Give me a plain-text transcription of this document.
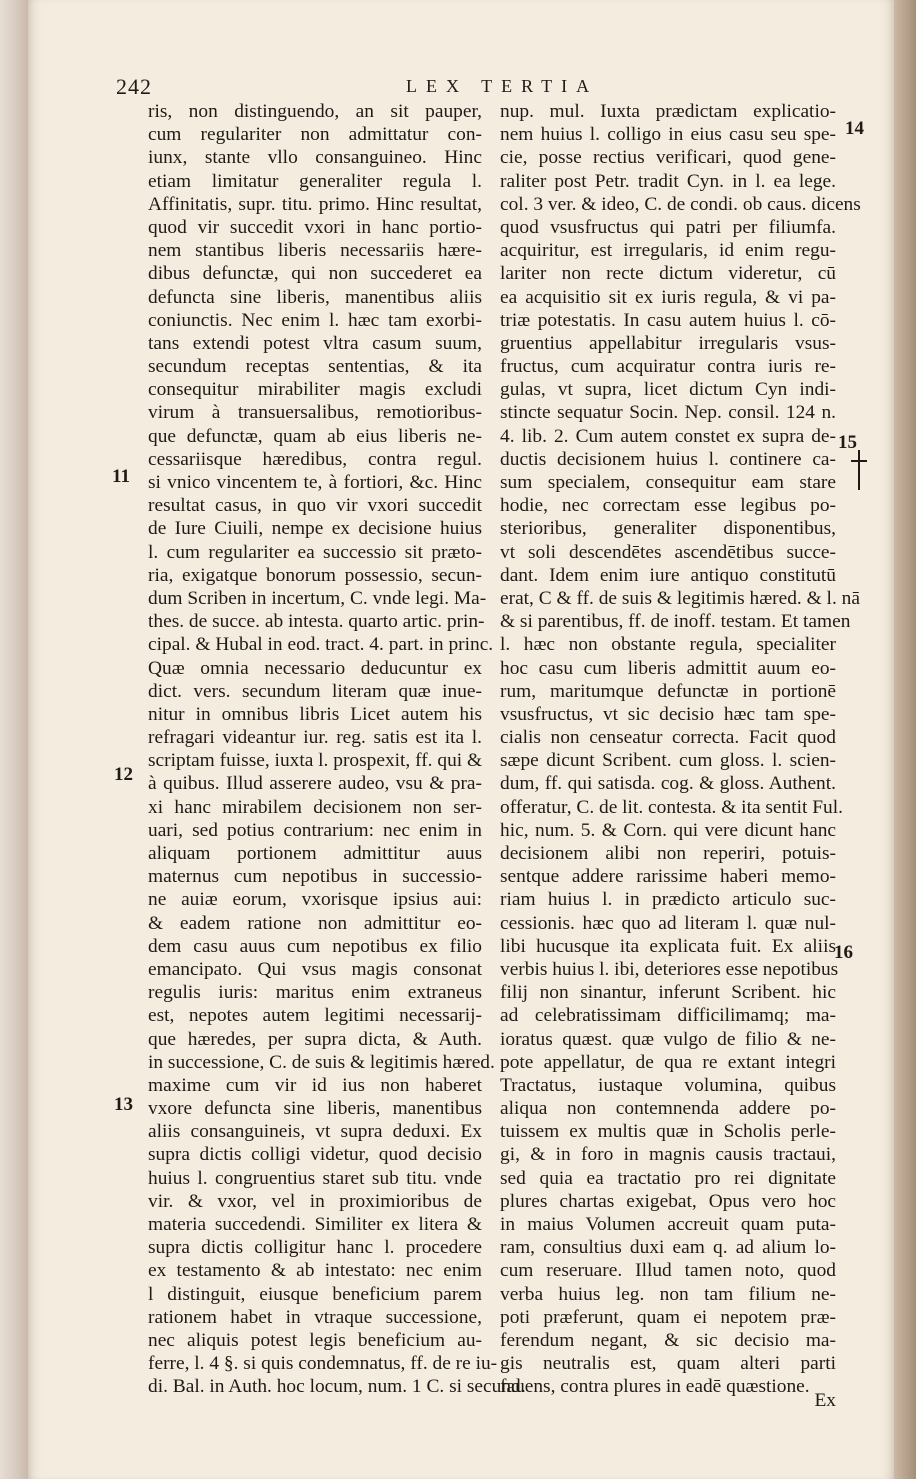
242	LEX TERTIA
ris, non distinguendo, an sit pauper,
cum regulariter non admittatur con-
iunx, stante vllo consanguineo. Hinc
etiam limitatur generaliter regula l.
Affinitatis, supr. titu. primo. Hinc resultat,
quod vir succedit vxori in hanc portio-
nem stantibus liberis necessariis hære-
dibus defunctæ, qui non succederet ea
defuncta sine liberis, manentibus aliis
coniunctis. Nec enim l. hæc tam exorbi-
tans extendi potest vltra casum suum,
secundum receptas sententias, & ita
consequitur mirabiliter magis excludi
virum à transuersalibus, remotioribus-
que defunctæ, quam ab eius liberis ne-
cessariisque hæredibus, contra regul.
si vnico vincentem te, à fortiori, &c. Hinc
resultat casus, in quo vir vxori succedit
de Iure Ciuili, nempe ex decisione huius
l. cum regulariter ea successio sit præto-
ria, exigatque bonorum possessio, secun-
dum Scriben in incertum, C. vnde legi. Ma-
thes. de succe. ab intesta. quarto artic. prin-
cipal. & Hubal in eod. tract. 4. part. in princ.
Quæ omnia necessario deducuntur ex
dict. vers. secundum literam quæ inue-
nitur in omnibus libris Licet autem his
refragari videantur iur. reg. satis est ita l.
scriptam fuisse, iuxta l. prospexit, ff. qui &
à quibus. Illud asserere audeo, vsu & pra-
xi hanc mirabilem decisionem non ser-
uari, sed potius contrarium: nec enim in
aliquam portionem admittitur auus
maternus cum nepotibus in successio-
ne auiæ eorum, vxorisque ipsius aui:
& eadem ratione non admittitur eo-
dem casu auus cum nepotibus ex filio
emancipato. Qui vsus magis consonat
regulis iuris: maritus enim extraneus
est, nepotes autem legitimi necessarij-
que hæredes, per supra dicta, & Auth.
in successione, C. de suis & legitimis hæred.
maxime cum vir id ius non haberet
vxore defuncta sine liberis, manentibus
aliis consanguineis, vt supra deduxi. Ex
supra dictis colligi videtur, quod decisio
huius l. congruentius staret sub titu. vnde
vir. & vxor, vel in proximioribus de
materia succedendi. Similiter ex litera &
supra dictis colligitur hanc l. procedere
ex testamento & ab intestato: nec enim
l distinguit, eiusque beneficium parem
rationem habet in vtraque successione,
nec aliquis potest legis beneficium au-
ferre, l. 4 §. si quis condemnatus, ff. de re iu-
di. Bal. in Auth. hoc locum, num. 1 C. si secund.
nup. mul. Iuxta prædictam explicatio-
nem huius l. colligo in eius casu seu spe-
cie, posse rectius verificari, quod gene-
raliter post Petr. tradit Cyn. in l. ea lege.
col. 3 ver. & ideo, C. de condi. ob caus. dicens
quod vsusfructus qui patri per filiumfa.
acquiritur, est irregularis, id enim regu-
lariter non recte dictum videretur, cū
ea acquisitio sit ex iuris regula, & vi pa-
triæ potestatis. In casu autem huius l. cō-
gruentius appellabitur irregularis vsus-
fructus, cum acquiratur contra iuris re-
gulas, vt supra, licet dictum Cyn indi-
stincte sequatur Socin. Nep. consil. 124 n.
4. lib. 2. Cum autem constet ex supra de-
ductis decisionem huius l. continere ca-
sum specialem, consequitur eam stare
hodie, nec correctam esse legibus po-
sterioribus, generaliter disponentibus,
vt soli descendētes ascendētibus succe-
dant. Idem enim iure antiquo constitutū
erat, C & ff. de suis & legitimis hæred. & l. nā
& si parentibus, ff. de inoff. testam. Et tamen
l. hæc non obstante regula, specialiter
hoc casu cum liberis admittit auum eo-
rum, maritumque defunctæ in portionē
vsusfructus, vt sic decisio hæc tam spe-
cialis non censeatur correcta. Facit quod
sæpe dicunt Scribent. cum gloss. l. scien-
dum, ff. qui satisda. cog. & gloss. Authent.
offeratur, C. de lit. contesta. & ita sentit Ful.
hic, num. 5. & Corn. qui vere dicunt hanc
decisionem alibi non reperiri, potuis-
sentque addere rarissime haberi memo-
riam huius l. in prædicto articulo suc-
cessionis. hæc quo ad literam l. quæ nul-
libi hucusque ita explicata fuit. Ex aliis
verbis huius l. ibi, deteriores esse nepotibus
filij non sinantur, inferunt Scribent. hic
ad celebratissimam difficilimamq; ma-
ioratus quæst. quæ vulgo de filio & ne-
pote appellatur, de qua re extant integri
Tractatus, iustaque volumina, quibus
aliqua non contemnenda addere po-
tuissem ex multis quæ in Scholis perle-
gi, & in foro in magnis causis tractaui,
sed quia ea tractatio pro rei dignitate
plures chartas exigebat, Opus vero hoc
in maius Volumen accreuit quam puta-
ram, consultius duxi eam q. ad alium lo-
cum reseruare. Illud tamen noto, quod
verba huius leg. non tam filium ne-
poti præferunt, quam ei nepotem præ-
ferendum negant, & sic decisio ma-
gis neutralis est, quam alteri parti
fauens, contra plures in eadē quæstione.
11
12
13
14
15
16
Ex
